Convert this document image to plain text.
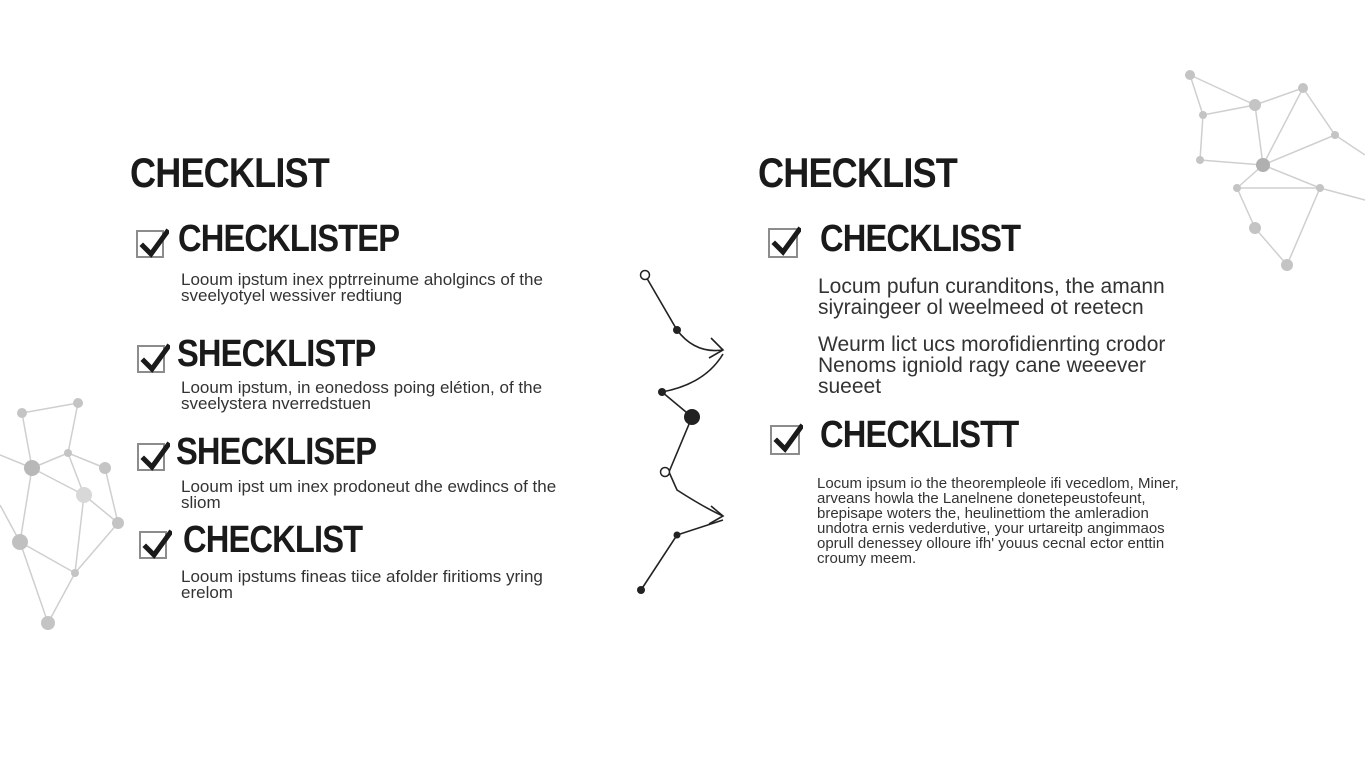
CHECKLIST
CHECKLISTEP

Loоum ipstum inex pptrreinume aholgincs of the
sveelyotyel wessiver redtiung

SHECKLISTP

Loоum ipstum, in eonedoss poing elétion, of the
sveelystera nverredstuen

SHECKLISEP

Loоum ipst um inex prodoneut dhe ewdincs of the
sliom

CHECKLIST

Loоum ipstums fineas tiice afolder firitioms yring
erelom

CHECKLIST
CHECKLISST

Locum pufun curanditons, the amann
siyraingeer ol weelmeed ot reetecn

Weurm lict ucs morofidienrting crodor
Nenoms igniold ragy cane weeever
sueeet

CHECKLISTT

Locum ipsum io the theorempleole ifi vecedlom, Miner,
arveans howla the Lanelnene donetepeustofeunt,
brepisape woters the, heulinettiom the amleradion
undotra ernis vederdutive, your urtareitp angimmaos
oprull denessey olloure ifh' youus cecnal ector enttin
croumy meem.
